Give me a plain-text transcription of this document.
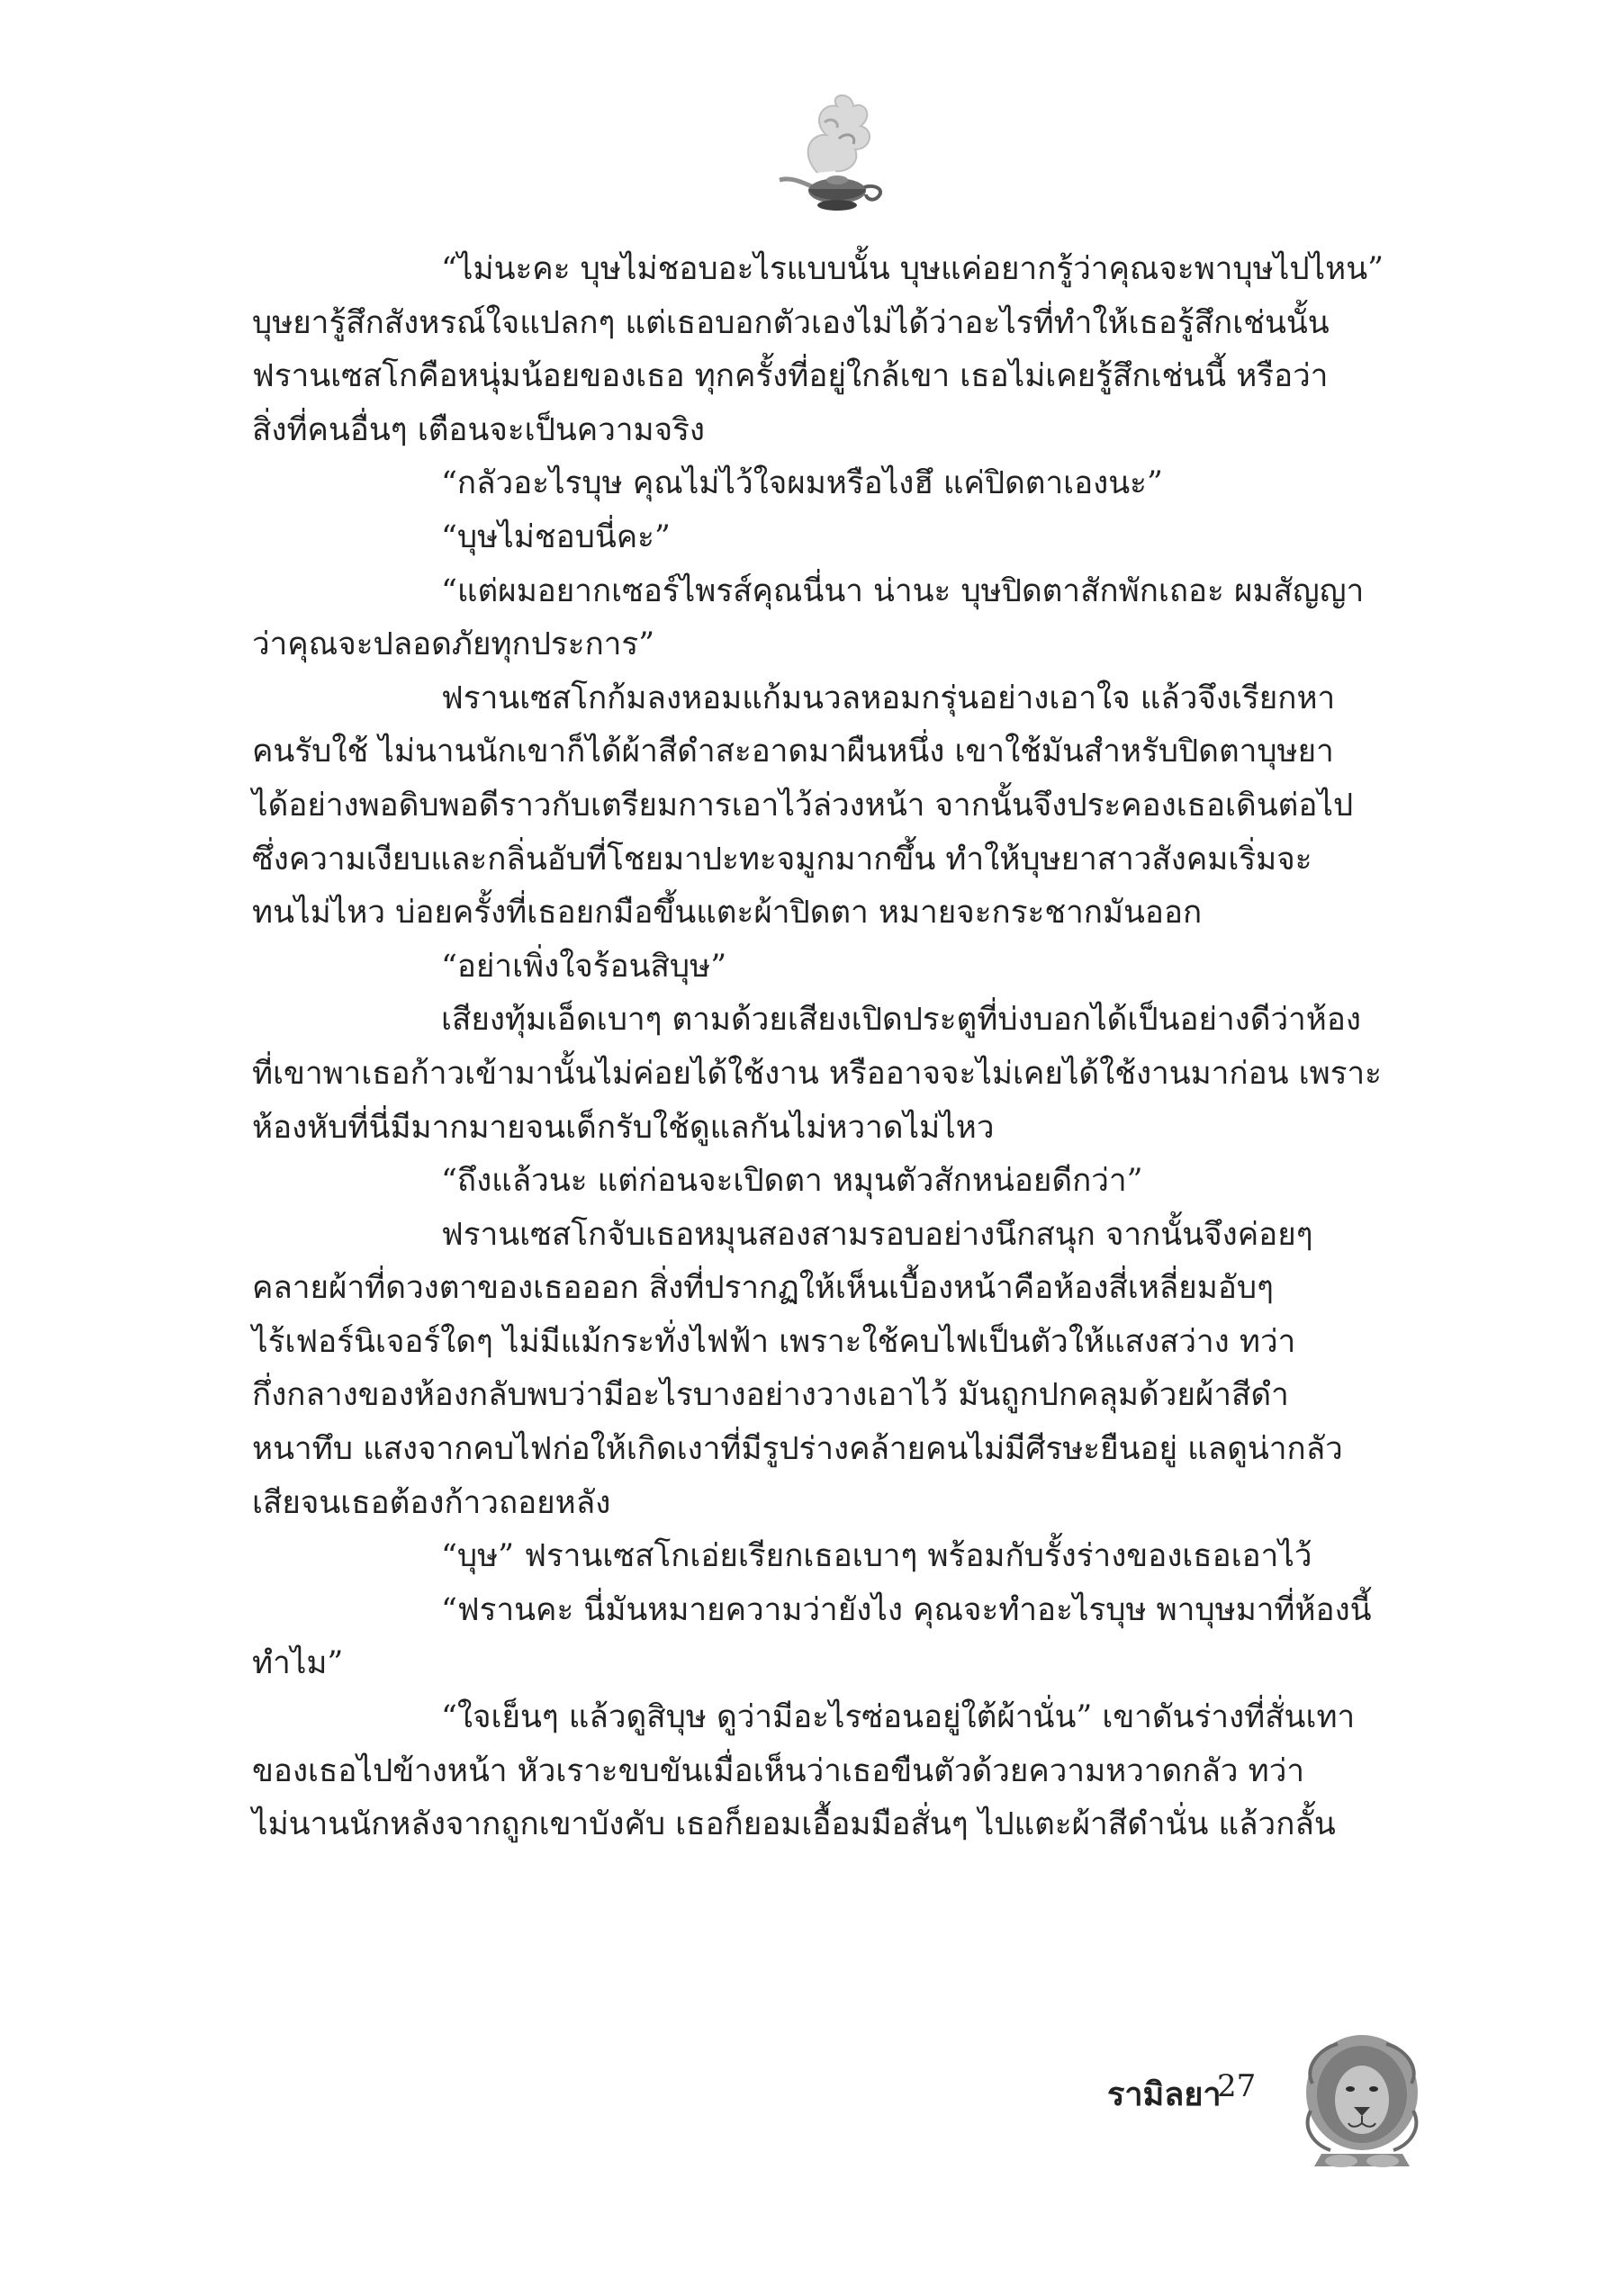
“ไม่นะคะ บุษไม่ชอบอะไรแบบนั้น บุษแค่อยากรู้ว่าคุณจะพาบุษไปไหน”
บุษยารู้สึกสังหรณ์ใจแปลกๆ แต่เธอบอกตัวเองไม่ได้ว่าอะไรที่ทำให้เธอรู้สึกเช่นนั้น
ฟรานเซสโกคือหนุ่มน้อยของเธอ ทุกครั้งที่อยู่ใกล้เขา เธอไม่เคยรู้สึกเช่นนี้ หรือว่า
สิ่งที่คนอื่นๆ เตือนจะเป็นความจริง

“กลัวอะไรบุษ คุณไม่ไว้ใจผมหรือไงฮึ แค่ปิดตาเองนะ”

“บุษไม่ชอบนี่คะ”

“แต่ผมอยากเซอร์ไพรส์คุณนี่นา น่านะ บุษปิดตาสักพักเถอะ ผมสัญญา
ว่าคุณจะปลอดภัยทุกประการ”

ฟรานเซสโกก้มลงหอมแก้มนวลหอมกรุ่นอย่างเอาใจ แล้วจึงเรียกหา
คนรับใช้ ไม่นานนักเขาก็ได้ผ้าสีดำสะอาดมาผืนหนึ่ง เขาใช้มันสำหรับปิดตาบุษยา
ได้อย่างพอดิบพอดีราวกับเตรียมการเอาไว้ล่วงหน้า จากนั้นจึงประคองเธอเดินต่อไป
ซึ่งความเงียบและกลิ่นอับที่โชยมาปะทะจมูกมากขึ้น ทำให้บุษยาสาวสังคมเริ่มจะ
ทนไม่ไหว บ่อยครั้งที่เธอยกมือขึ้นแตะผ้าปิดตา หมายจะกระชากมันออก

“อย่าเพิ่งใจร้อนสิบุษ”

เสียงทุ้มเอ็ดเบาๆ ตามด้วยเสียงเปิดประตูที่บ่งบอกได้เป็นอย่างดีว่าห้อง
ที่เขาพาเธอก้าวเข้ามานั้นไม่ค่อยได้ใช้งาน หรืออาจจะไม่เคยได้ใช้งานมาก่อน เพราะ
ห้องหับที่นี่มีมากมายจนเด็กรับใช้ดูแลกันไม่หวาดไม่ไหว

“ถึงแล้วนะ แต่ก่อนจะเปิดตา หมุนตัวสักหน่อยดีกว่า”

ฟรานเซสโกจับเธอหมุนสองสามรอบอย่างนึกสนุก จากนั้นจึงค่อยๆ
คลายผ้าที่ดวงตาของเธอออก สิ่งที่ปรากฏให้เห็นเบื้องหน้าคือห้องสี่เหลี่ยมอับๆ
ไร้เฟอร์นิเจอร์ใดๆ ไม่มีแม้กระทั่งไฟฟ้า เพราะใช้คบไฟเป็นตัวให้แสงสว่าง ทว่า
กึ่งกลางของห้องกลับพบว่ามีอะไรบางอย่างวางเอาไว้ มันถูกปกคลุมด้วยผ้าสีดำ
หนาทึบ แสงจากคบไฟก่อให้เกิดเงาที่มีรูปร่างคล้ายคนไม่มีศีรษะยืนอยู่ แลดูน่ากลัว
เสียจนเธอต้องก้าวถอยหลัง

“บุษ” ฟรานเซสโกเอ่ยเรียกเธอเบาๆ พร้อมกับรั้งร่างของเธอเอาไว้

“ฟรานคะ นี่มันหมายความว่ายังไง คุณจะทำอะไรบุษ พาบุษมาที่ห้องนี้
ทำไม”

“ใจเย็นๆ แล้วดูสิบุษ ดูว่ามีอะไรซ่อนอยู่ใต้ผ้านั่น” เขาดันร่างที่สั่นเทา
ของเธอไปข้างหน้า หัวเราะขบขันเมื่อเห็นว่าเธอขืนตัวด้วยความหวาดกลัว ทว่า
ไม่นานนักหลังจากถูกเขาบังคับ เธอก็ยอมเอื้อมมือสั่นๆ ไปแตะผ้าสีดำนั่น แล้วกลั้น

รามิลยา
27
